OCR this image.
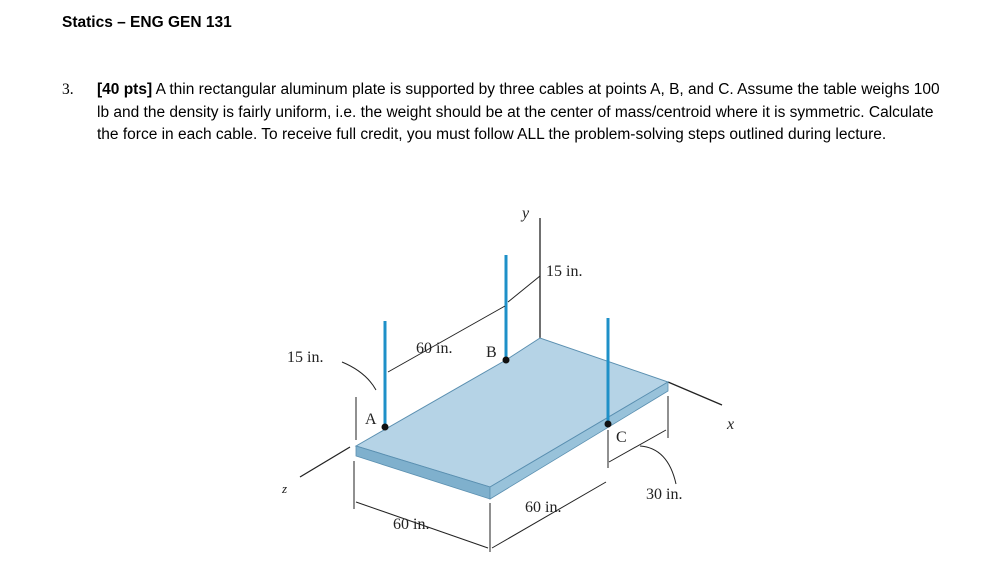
Statics – ENG GEN 131
3. [40 pts] A thin rectangular aluminum plate is supported by three cables at points A, B, and C. Assume the table weighs 100 lb and the density is fairly uniform, i.e. the weight should be at the center of mass/centroid where it is symmetric. Calculate the force in each cable. To receive full credit, you must follow ALL the problem-solving steps outlined during lecture.
y
x
z
A
B
C
15 in.
60 in.
15 in.
60 in.
60 in.
30 in.
